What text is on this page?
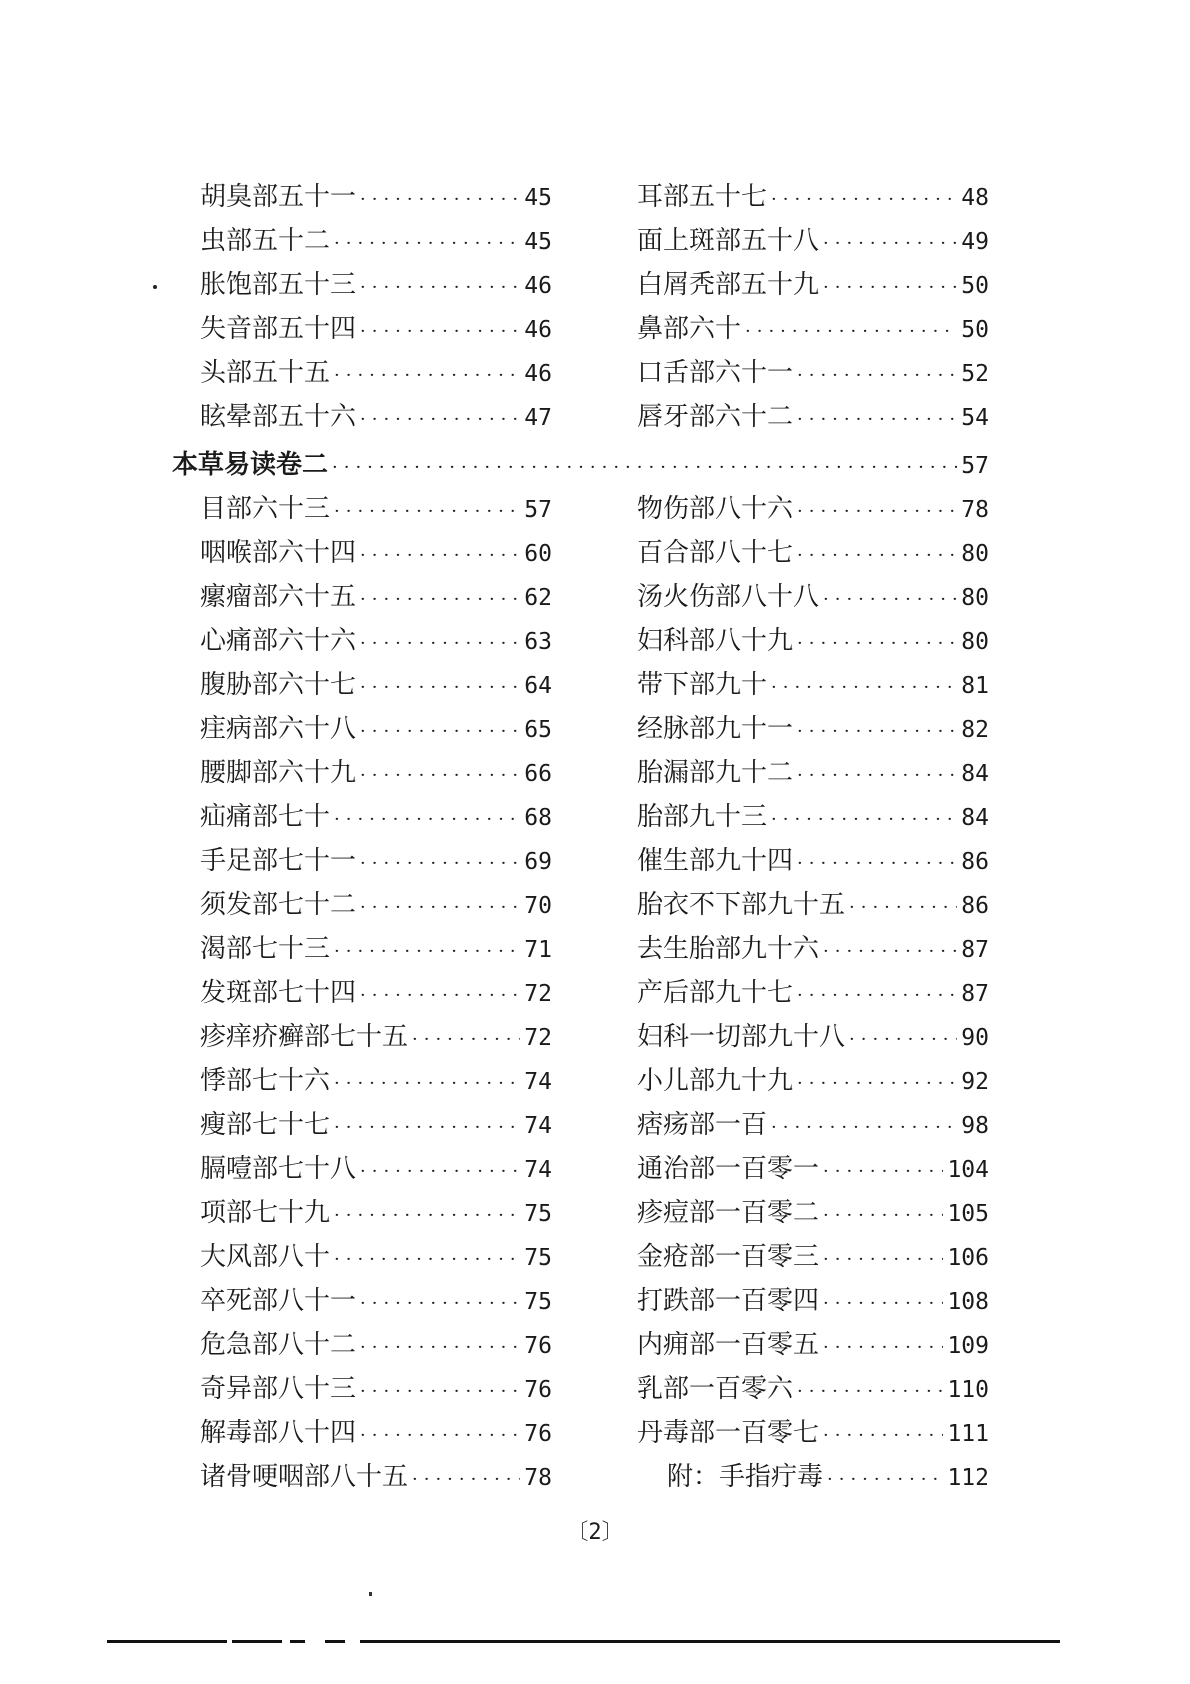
胡臭部五十一 ·····	45
虫部五十二 ·····	45
胀饱部五十三 ·····	46
失音部五十四 ·····	46
头部五十五 ·····	46
眩晕部五十六 ·····	47
耳部五十七 ·····	48
面上斑部五十八 ·····	49
白屑秃部五十九 ·····	50
鼻部六十 ·····	50
口舌部六十一 ·····	52
唇牙部六十二 ·····	54
本草易读卷二 ·····	57
目部六十三 ·····	57
咽喉部六十四 ·····	60
瘰瘤部六十五 ·····	62
心痛部六十六 ·····	63
腹胁部六十七 ·····	64
疰病部六十八 ·····	65
腰脚部六十九 ·····	66
疝痛部七十 ·····	68
手足部七十一 ·····	69
须发部七十二 ·····	70
渴部七十三 ·····	71
发斑部七十四 ·····	72
疹痒疥癣部七十五 ·····	72
悸部七十六 ·····	74
瘦部七十七 ·····	74
膈噎部七十八 ·····	74
项部七十九 ·····	75
大风部八十 ·····	75
卒死部八十一 ·····	75
危急部八十二 ·····	76
奇异部八十三 ·····	76
解毒部八十四 ·····	76
诸骨哽咽部八十五 ·····	78
物伤部八十六 ·····	78
百合部八十七 ·····	80
汤火伤部八十八 ·····	80
妇科部八十九 ·····	80
带下部九十 ·····	81
经脉部九十一 ·····	82
胎漏部九十二 ·····	84
胎部九十三 ·····	84
催生部九十四 ·····	86
胎衣不下部九十五 ·····	86
去生胎部九十六 ·····	87
产后部九十七 ·····	87
妇科一切部九十八 ·····	90
小儿部九十九 ·····	92
痞疡部一百 ·····	98
通治部一百零一 ·····	104
疹痘部一百零二 ·····	105
金疮部一百零三 ·····	106
打跌部一百零四 ·····	108
内痈部一百零五 ·····	109
乳部一百零六 ·····	110
丹毒部一百零七 ·····	111
附：手指疔毒 ·····	112
〔2〕
